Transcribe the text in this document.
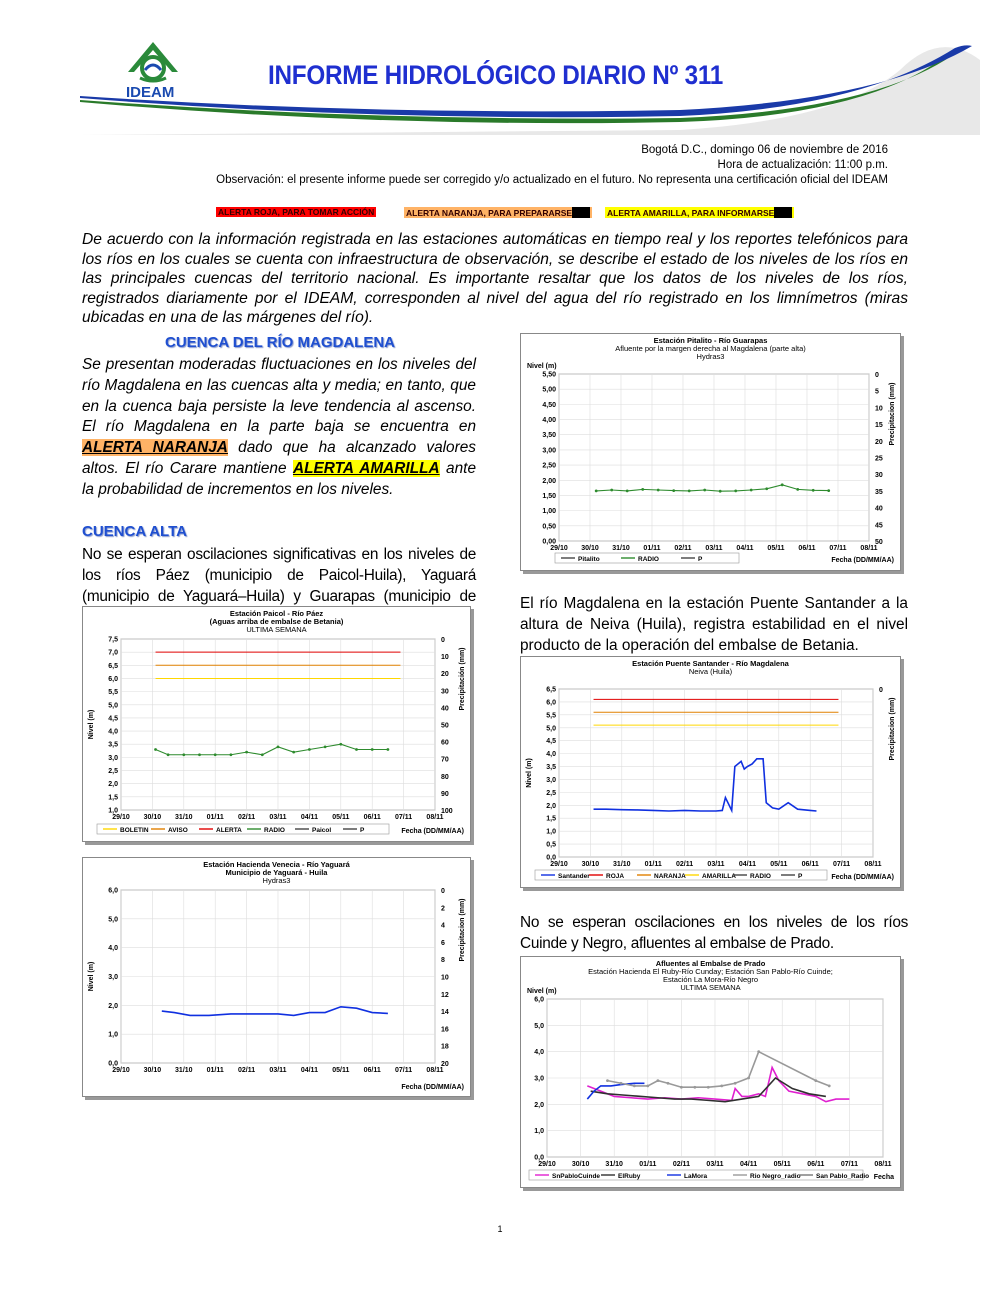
IDEAM
INFORME HIDROLÓGICO DIARIO Nº 311
Bogotá D.C., domingo 06 de noviembre de 2016
Hora de actualización: 11:00 p.m.
Observación: el presente informe puede ser corregido y/o actualizado en el futuro. No representa una certificación oficial del IDEAM
ALERTA ROJA, PARA TOMAR ACCIÓN	ALERTA NARANJA, PARA PREPARARSE	ALERTA AMARILLA, PARA INFORMARSE
De acuerdo con la información registrada en las estaciones automáticas en tiempo real y los reportes telefónicos para los ríos en los cuales se cuenta con infraestructura de observación, se describe el estado de los niveles de los ríos en las principales cuencas del territorio nacional. Es importante resaltar que los datos de los niveles de los ríos, registrados diariamente por el IDEAM, corresponden al nivel del agua del río registrado en los limnímetros (miras ubicadas en una de las márgenes del río).
CUENCA DEL RÍO MAGDALENA
Se presentan moderadas fluctuaciones en los niveles del río Magdalena en las cuencas alta y media; en tanto, que en la cuenca baja persiste la leve tendencia al ascenso. El río Magdalena en la parte baja se encuentra en ALERTA NARANJA dado que ha alcanzado valores altos. El río Carare mantiene ALERTA AMARILLA ante la probabilidad de incrementos en los niveles.
CUENCA ALTA
No se esperan oscilaciones significativas en los niveles de los ríos Páez (municipio de Paicol-Huila), Yaguará (municipio de Yaguará–Huila) y Guarapas (municipio de	El río Magdalena en la estación Puente Santander a la altura de Neiva (Huila), registra estabilidad en el nivel producto de la operación del embalse de Betania.
No se esperan oscilaciones en los niveles de los ríos Cuinde y Negro, afluentes al embalse de Prado.
Estación Paicol - Río Páez
(Aguas arriba de embalse de Betania)
ULTIMA SEMANA
1,0
1,5
2,0
2,5
3,0
3,5
4,0
4,5
5,0
5,5
6,0
6,5
7,0
7,5
29/10 30/10 31/10 01/11 02/11 03/11 04/11 05/11 06/11 07/11 08/11
0
10
20
30
40
50
60
70
80
90
100
Nivel (m)
Precipitación (mm)
Fecha (DD/MM/AA)
BOLETIN	AVISO	ALERTA	RADIO	Paicol	P
Estación Hacienda Venecia - Río Yaguará
Municipio de Yaguará - Huila
Hydras3
0,0
1,0
2,0
3,0
4,0
5,0
6,0
29/10 30/10 31/10 01/11 02/11 03/11 04/11 05/11 06/11 07/11 08/11
0
2
4
6
8
10
12
14
16
18
20
Nivel (m)
Precipitacion (mm)
Fecha (DD/MM/AA)
Estación Pitalito - Río Guarapas
Afluente por la margen derecha al Magdalena (parte alta)
Hydras3
0,00
0,50
1,00
1,50
2,00
2,50
3,00
3,50
4,00
4,50
5,00
5,50
29/10 30/10 31/10 01/11 02/11 03/11 04/11 05/11 06/11 07/11 08/11
0
5
10
15
20
25
30
35
40
45
50
Nivel (m)
Precipitacion (mm)
Fecha (DD/MM/AA)
Pitalito	RADIO	P
Estación Puente Santander - Río Magdalena
Neiva (Huila)
0,0
0,5
1,0
1,5
2,0
2,5
3,0
3,5
4,0
4,5
5,0
5,5
6,0
6,5
29/10 30/10 31/10 01/11 02/11 03/11 04/11 05/11 06/11 07/11 08/11
0
Nivel (m)
Precipitacion (mm)
Fecha (DD/MM/AA)
Santander ROJA	NARANJA AMARILLA RADIO	P
Afluentes al Embalse de Prado
Estación Hacienda El Ruby-Río Cunday; Estación San Pablo-Río Cuinde;
Estación La Mora-Río Negro
ULTIMA SEMANA
0,0
1,0
2,0
3,0
4,0
5,0
6,0
29/10 30/10 31/10 01/11 02/11 03/11 04/11 05/11 06/11 07/11 08/11
Nivel (m)
Fecha
SnPabloCuinde	ElRuby	LaMora	Rio Negro_radio San Pablo_Radio
1
